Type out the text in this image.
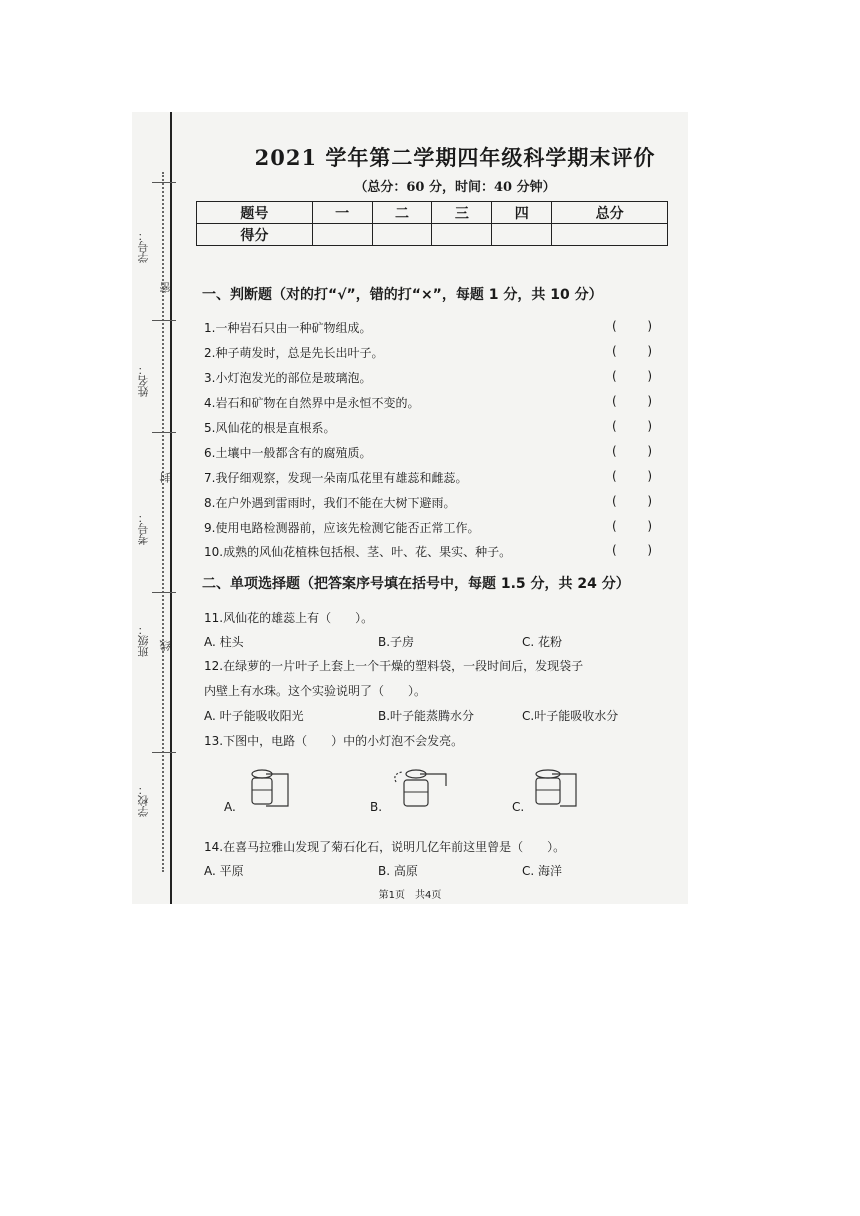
学号：
密
姓名：
封
考号：
线
班级：
学校：
2021 学年第二学期四年级科学期末评价
（总分：60 分，时间：40 分钟）
题号	一	二	三	四	总分
得分					
一、判断题（对的打“√”，错的打“×”，每题 1 分，共 10 分）
1.一种岩石只由一种矿物组成。	(	)
2.种子萌发时，总是先长出叶子。	(	)
3.小灯泡发光的部位是玻璃泡。	(	)
4.岩石和矿物在自然界中是永恒不变的。	(	)
5.风仙花的根是直根系。	(	)
6.土壤中一般都含有的腐殖质。	(	)
7.我仔细观察，发现一朵南瓜花里有雄蕊和雌蕊。	(	)
8.在户外遇到雷雨时，我们不能在大树下避雨。	(	)
9.使用电路检测器前，应该先检测它能否正常工作。	(	)
10.成熟的风仙花植株包括根、茎、叶、花、果实、种子。	(	)
二、单项选择题（把答案序号填在括号中，每题 1.5 分，共 24 分）
11.风仙花的雄蕊上有（　　）。
A. 柱头	B.子房	C. 花粉
12.在绿萝的一片叶子上套上一个干燥的塑料袋，一段时间后，发现袋子
内壁上有水珠。这个实验说明了（　　）。
A. 叶子能吸收阳光	B.叶子能蒸腾水分	C.叶子能吸收水分
13.下图中，电路（　　）中的小灯泡不会发亮。
A.	B.	C.
14.在喜马拉雅山发现了菊石化石，说明几亿年前这里曾是（　　）。
A. 平原	B. 高原	C. 海洋
第1页　共4页
